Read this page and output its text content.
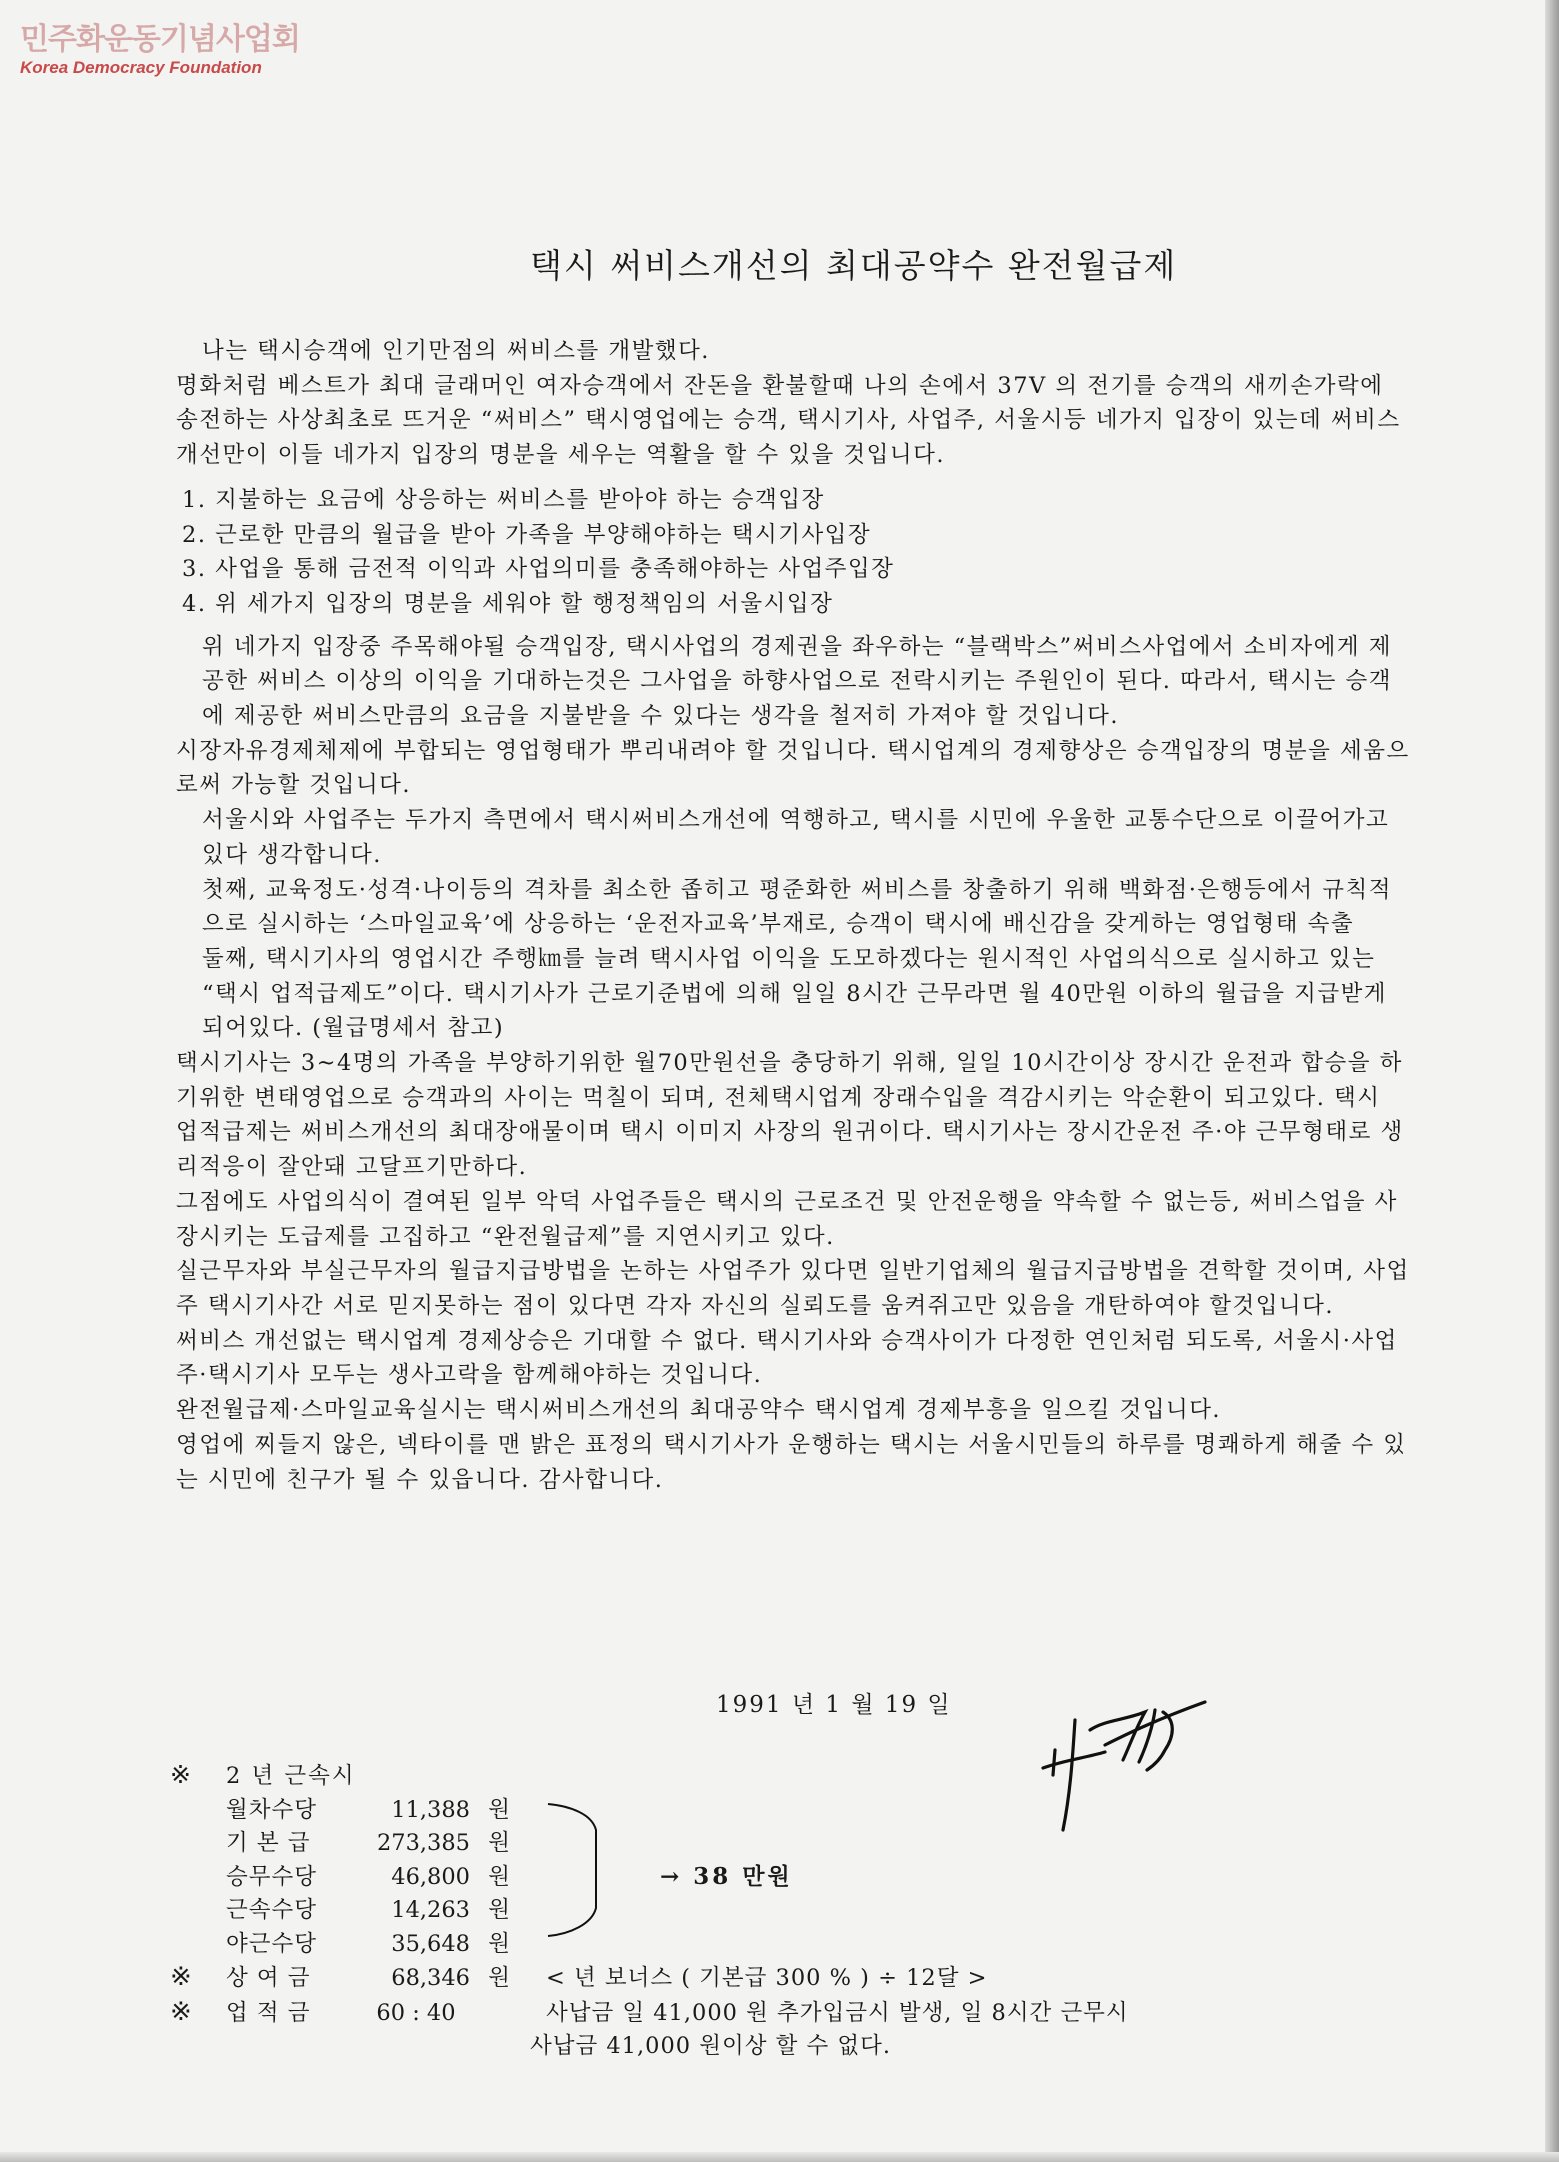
민주화운동기념사업회
Korea Democracy Foundation
택시 써비스개선의 최대공약수 완전월급제

나는 택시승객에 인기만점의 써비스를 개발했다.

명화처럼 베스트가 최대 글래머인 여자승객에서 잔돈을 환불할때 나의 손에서 37V 의 전기를 승객의 새끼손가락에 송전하는 사상최초로 뜨거운 “써비스” 택시영업에는 승객, 택시기사, 사업주, 서울시등 네가지 입장이 있는데 써비스개선만이 이들 네가지 입장의 명분을 세우는 역활을 할 수 있을 것입니다.

1. 지불하는 요금에 상응하는 써비스를 받아야 하는 승객입장

2. 근로한 만큼의 월급을 받아 가족을 부양해야하는 택시기사입장

3. 사업을 통해 금전적 이익과 사업의미를 충족해야하는 사업주입장

4. 위 세가지 입장의 명분을 세워야 할 행정책임의 서울시입장

위 네가지 입장중 주목해야될 승객입장, 택시사업의 경제권을 좌우하는 “블랙박스”써비스사업에서 소비자에게 제공한 써비스 이상의 이익을 기대하는것은 그사업을 하향사업으로 전락시키는 주원인이 된다. 따라서, 택시는 승객에 제공한 써비스만큼의 요금을 지불받을 수 있다는 생각을 철저히 가져야 할 것입니다.

시장자유경제체제에 부합되는 영업형태가 뿌리내려야 할 것입니다. 택시업계의 경제향상은 승객입장의 명분을 세움으로써 가능할 것입니다.

서울시와 사업주는 두가지 측면에서 택시써비스개선에 역행하고, 택시를 시민에 우울한 교통수단으로 이끌어가고 있다 생각합니다.

첫째, 교육정도·성격·나이등의 격차를 최소한 좁히고 평준화한 써비스를 창출하기 위해 백화점·은행등에서 규칙적으로 실시하는 ‘스마일교육’에 상응하는 ‘운전자교육’부재로, 승객이 택시에 배신감을 갖게하는 영업형태 속출

둘째, 택시기사의 영업시간 주행㎞를 늘려 택시사업 이익을 도모하겠다는 원시적인 사업의식으로 실시하고 있는 “택시 업적급제도”이다. 택시기사가 근로기준법에 의해 일일 8시간 근무라면 월 40만원 이하의 월급을 지급받게 되어있다. (월급명세서 참고)

택시기사는 3~4명의 가족을 부양하기위한 월70만원선을 충당하기 위해, 일일 10시간이상 장시간 운전과 합승을 하기위한 변태영업으로 승객과의 사이는 먹칠이 되며, 전체택시업계 장래수입을 격감시키는 악순환이 되고있다. 택시 업적급제는 써비스개선의 최대장애물이며 택시 이미지 사장의 원귀이다. 택시기사는 장시간운전 주·야 근무형태로 생리적응이 잘안돼 고달프기만하다.

그점에도 사업의식이 결여된 일부 악덕 사업주들은 택시의 근로조건 및 안전운행을 약속할 수 없는등, 써비스업을 사장시키는 도급제를 고집하고 “완전월급제”를 지연시키고 있다.

실근무자와 부실근무자의 월급지급방법을 논하는 사업주가 있다면 일반기업체의 월급지급방법을 견학할 것이며, 사업주 택시기사간 서로 믿지못하는 점이 있다면 각자 자신의 실뢰도를 움켜쥐고만 있음을 개탄하여야 할것입니다.

써비스 개선없는 택시업계 경제상승은 기대할 수 없다. 택시기사와 승객사이가 다정한 연인처럼 되도록, 서울시·사업주·택시기사 모두는 생사고락을 함께해야하는 것입니다.

완전월급제·스마일교육실시는 택시써비스개선의 최대공약수 택시업계 경제부흥을 일으킬 것입니다.

영업에 찌들지 않은, 넥타이를 맨 밝은 표정의 택시기사가 운행하는 택시는 서울시민들의 하루를 명쾌하게 해줄 수 있는 시민에 친구가 될 수 있읍니다. 감사합니다.

1991 년 1 월 19 일
※	2 년 근속시
월차수당	11,388 원
기 본 급	273,385 원
승무수당	46,800 원
근속수당	14,263 원
야근수당	35,648 원
※	상 여 금	68,346 원	< 년 보너스 ( 기본급 300 % ) ÷ 12달 >
※	업 적 금	60 : 40	사납금 일 41,000 원 추가입금시 발생, 일 8시간 근무시
사납금 41,000 원이상 할 수 없다.
→ 38 만원
